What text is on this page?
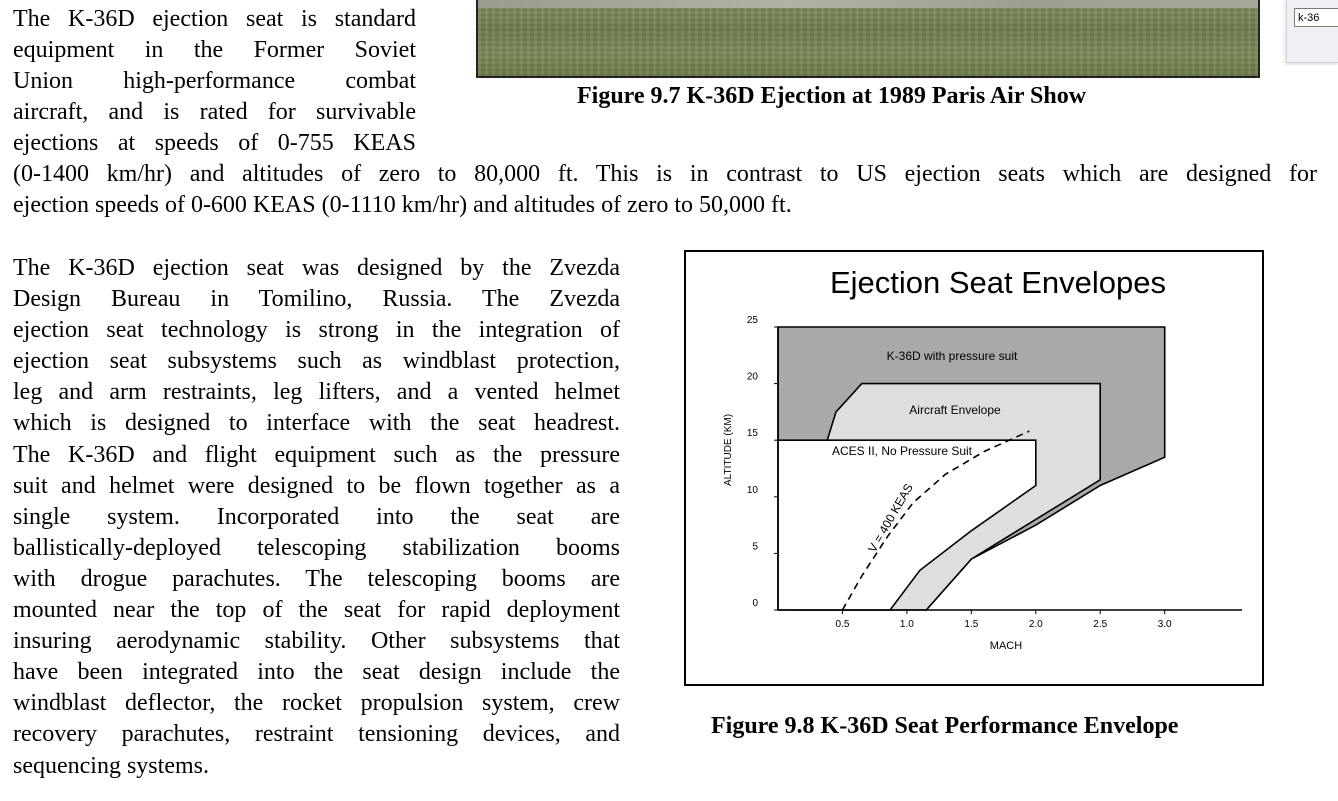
The K-36D ejection seat is standard
equipment in the Former Soviet
Union high-performance combat
aircraft, and is rated for survivable
ejections at speeds of 0-755 KEAS
(0-1400 km/hr) and altitudes of zero to 80,000 ft. This is in contrast to US ejection seats which are designed for
ejection speeds of 0-600 KEAS (0-1110 km/hr) and altitudes of zero to 50,000 ft.
Figure 9.7 K-36D Ejection at 1989 Paris Air Show
The K-36D ejection seat was designed by the Zvezda
Design Bureau in Tomilino, Russia. The Zvezda
ejection seat technology is strong in the integration of
ejection seat subsystems such as windblast protection,
leg and arm restraints, leg lifters, and a vented helmet
which is designed to interface with the seat headrest.
The K-36D and flight equipment such as the pressure
suit and helmet were designed to be flown together as a
single system. Incorporated into the seat are
ballistically-deployed telescoping stabilization booms
with drogue parachutes. The telescoping booms are
mounted near the top of the seat for rapid deployment
insuring aerodynamic stability. Other subsystems that
have been integrated into the seat design include the
windblast deflector, the rocket propulsion system, crew
recovery parachutes, restraint tensioning devices, and
sequencing systems.
0.5	1.0	1.5	2.0	2.5	3.0
0
5
10
15
20
25
Ejection Seat Envelopes
MACH
ALTITUDE (KM)
K-36D with pressure suit
Aircraft Envelope
ACES II, No Pressure Suit
V = 400 KEAS
Figure 9.8 K-36D Seat Performance Envelope
k-36
